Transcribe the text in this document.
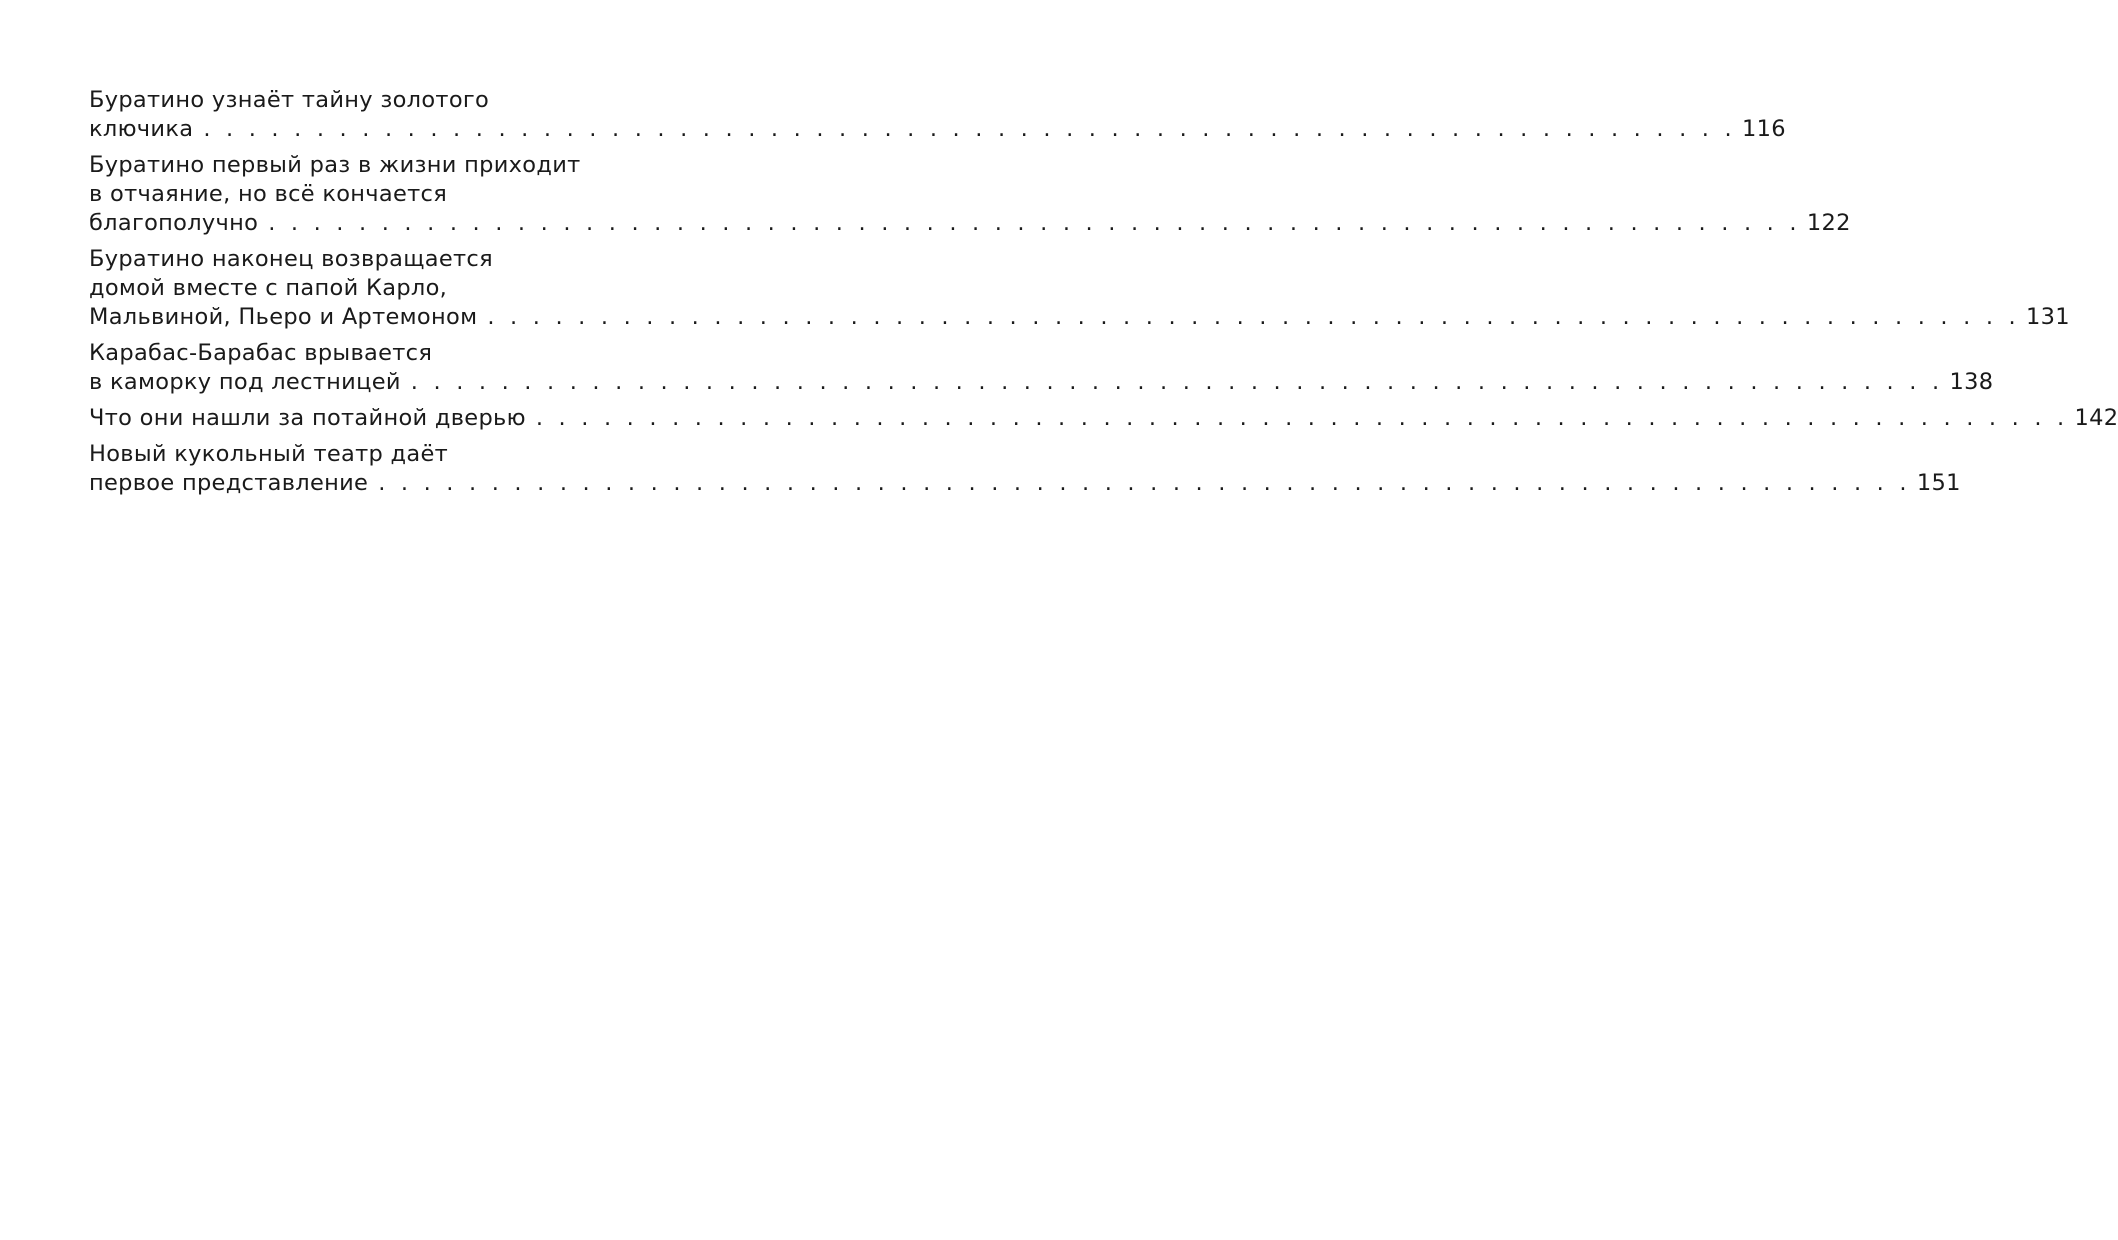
Буратино узнаёт тайну золотого
ключика . . . . . . . . . . . . . . . . . . . . . . . . . . . . . . . . . . . . . . . . . . . . . . . . . . . . . . . . . . . . . . . . . . . . 116
Буратино первый раз в жизни приходит
в отчаяние, но всё кончается
благополучно . . . . . . . . . . . . . . . . . . . . . . . . . . . . . . . . . . . . . . . . . . . . . . . . . . . . . . . . . . . . . . . . . . . . 122
Буратино наконец возвращается
домой вместе с папой Карло,
Мальвиной, Пьеро и Артемоном . . . . . . . . . . . . . . . . . . . . . . . . . . . . . . . . . . . . . . . . . . . . . . . . . . . . . . . . . . . . . . . . . . . . 131
Карабас-Барабас врывается
в каморку под лестницей . . . . . . . . . . . . . . . . . . . . . . . . . . . . . . . . . . . . . . . . . . . . . . . . . . . . . . . . . . . . . . . . . . . . 138
Что они нашли за потайной дверью . . . . . . . . . . . . . . . . . . . . . . . . . . . . . . . . . . . . . . . . . . . . . . . . . . . . . . . . . . . . . . . . . . . . 142
Новый кукольный театр даёт
первое представление . . . . . . . . . . . . . . . . . . . . . . . . . . . . . . . . . . . . . . . . . . . . . . . . . . . . . . . . . . . . . . . . . . . . 151
